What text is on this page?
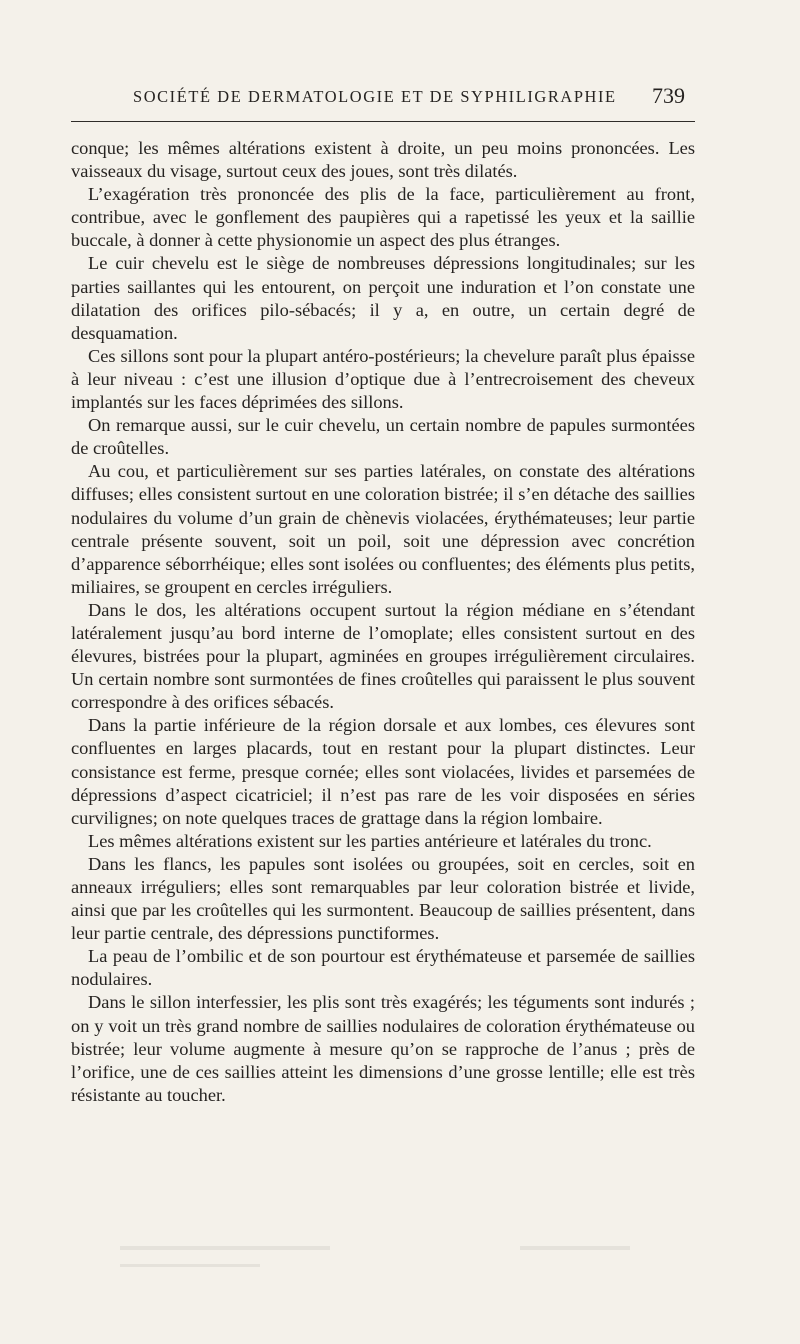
SOCIÉTÉ DE DERMATOLOGIE ET DE SYPHILIGRAPHIE 739

conque; les mêmes altérations existent à droite, un peu moins prononcées. Les vaisseaux du visage, surtout ceux des joues, sont très dilatés.

L’exagération très prononcée des plis de la face, particulièrement au front, contribue, avec le gonflement des paupières qui a rapetissé les yeux et la saillie buccale, à donner à cette physionomie un aspect des plus étranges.

Le cuir chevelu est le siège de nombreuses dépressions longitudinales; sur les parties saillantes qui les entourent, on perçoit une induration et l’on constate une dilatation des orifices pilo-sébacés; il y a, en outre, un certain degré de desquamation.

Ces sillons sont pour la plupart antéro-postérieurs; la chevelure paraît plus épaisse à leur niveau : c’est une illusion d’optique due à l’entrecroisement des cheveux implantés sur les faces déprimées des sillons.

On remarque aussi, sur le cuir chevelu, un certain nombre de papules surmontées de croûtelles.

Au cou, et particulièrement sur ses parties latérales, on constate des altérations diffuses; elles consistent surtout en une coloration bistrée; il s’en détache des saillies nodulaires du volume d’un grain de chènevis violacées, érythémateuses; leur partie centrale présente souvent, soit un poil, soit une dépression avec concrétion d’apparence séborrhéique; elles sont isolées ou confluentes; des éléments plus petits, miliaires, se groupent en cercles irréguliers.

Dans le dos, les altérations occupent surtout la région médiane en s’étendant latéralement jusqu’au bord interne de l’omoplate; elles consistent surtout en des élevures, bistrées pour la plupart, agminées en groupes irrégulièrement circulaires. Un certain nombre sont surmontées de fines croûtelles qui paraissent le plus souvent correspondre à des orifices sébacés.

Dans la partie inférieure de la région dorsale et aux lombes, ces élevures sont confluentes en larges placards, tout en restant pour la plupart distinctes. Leur consistance est ferme, presque cornée; elles sont violacées, livides et parsemées de dépressions d’aspect cicatriciel; il n’est pas rare de les voir disposées en séries curvilignes; on note quelques traces de grattage dans la région lombaire.

Les mêmes altérations existent sur les parties antérieure et latérales du tronc.

Dans les flancs, les papules sont isolées ou groupées, soit en cercles, soit en anneaux irréguliers; elles sont remarquables par leur coloration bistrée et livide, ainsi que par les croûtelles qui les surmontent. Beaucoup de saillies présentent, dans leur partie centrale, des dépressions punctiformes.

La peau de l’ombilic et de son pourtour est érythémateuse et parsemée de saillies nodulaires.

Dans le sillon interfessier, les plis sont très exagérés; les téguments sont indurés ; on y voit un très grand nombre de saillies nodulaires de coloration érythémateuse ou bistrée; leur volume augmente à mesure qu’on se rapproche de l’anus ; près de l’orifice, une de ces saillies atteint les dimensions d’une grosse lentille; elle est très résistante au toucher.
